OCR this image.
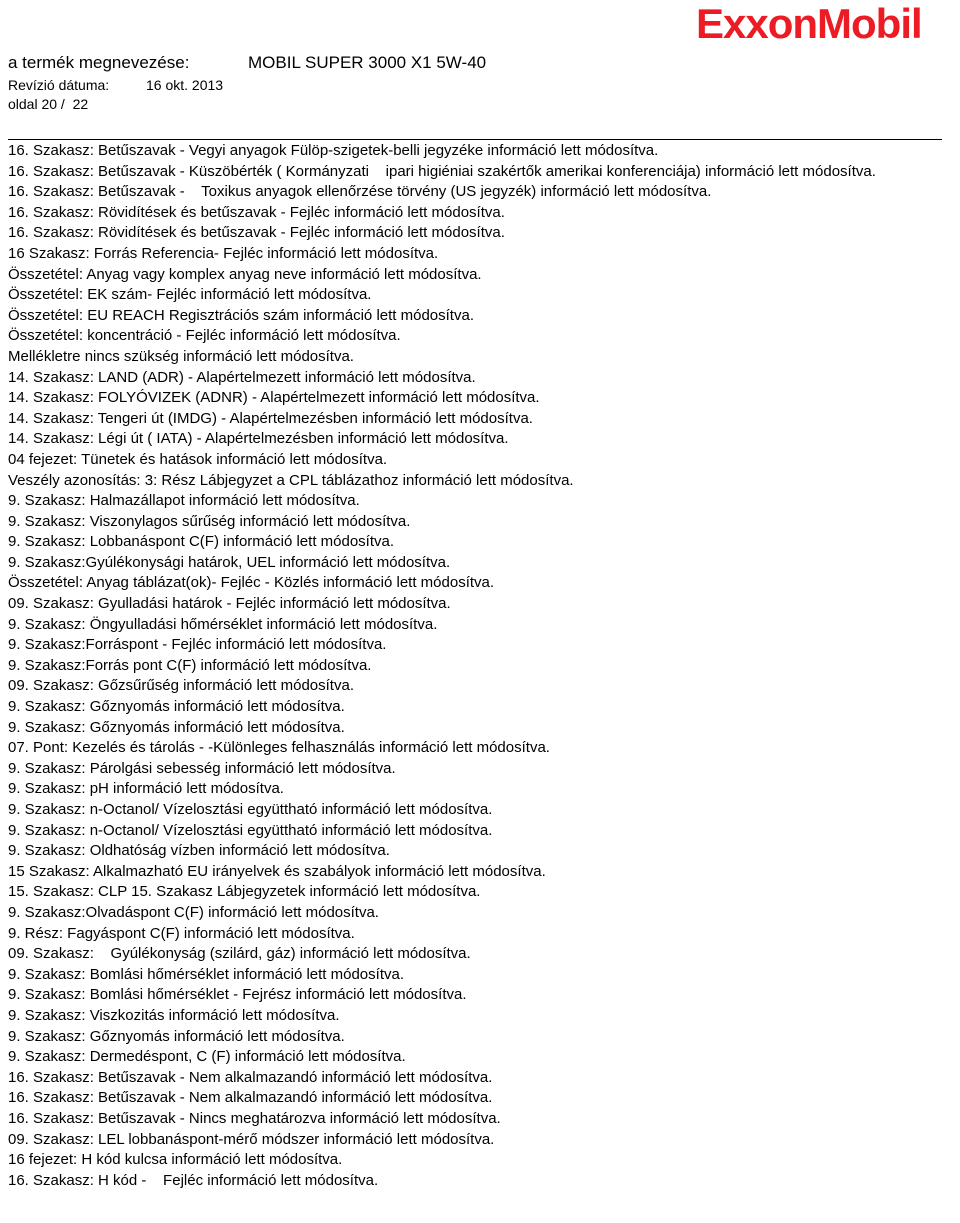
ExxonMobil
a termék megnevezése:	MOBIL SUPER 3000 X1 5W-40
Revízió dátuma:	16 okt. 2013
oldal 20 /
22

16. Szakasz: Betűszavak - Vegyi anyagok Fülöp-szigetek-belli jegyzéke információ lett módosítva.

16. Szakasz: Betűszavak - Küszöbérték ( Kormányzati    ipari higiéniai szakértők amerikai konferenciája) információ lett módosítva.

16. Szakasz: Betűszavak -    Toxikus anyagok ellenőrzése törvény (US jegyzék) információ lett módosítva.

16. Szakasz: Rövidítések és betűszavak - Fejléc információ lett módosítva.

16. Szakasz: Rövidítések és betűszavak - Fejléc információ lett módosítva.

16 Szakasz: Forrás Referencia- Fejléc információ lett módosítva.

Összetétel: Anyag vagy komplex anyag neve információ lett módosítva.

Összetétel: EK szám- Fejléc információ lett módosítva.

Összetétel: EU REACH Regisztrációs szám információ lett módosítva.

Összetétel: koncentráció - Fejléc információ lett módosítva.

Mellékletre nincs szükség információ lett módosítva.

14. Szakasz: LAND (ADR) - Alapértelmezett információ lett módosítva.

14. Szakasz: FOLYÓVIZEK (ADNR) - Alapértelmezett információ lett módosítva.

14. Szakasz: Tengeri út (IMDG) - Alapértelmezésben információ lett módosítva.

14. Szakasz: Légi út ( IATA) - Alapértelmezésben információ lett módosítva.

04 fejezet: Tünetek és hatások információ lett módosítva.

Veszély azonosítás: 3: Rész Lábjegyzet a CPL táblázathoz információ lett módosítva.

9. Szakasz: Halmazállapot információ lett módosítva.

9. Szakasz: Viszonylagos sűrűség információ lett módosítva.

9. Szakasz: Lobbanáspont C(F) információ lett módosítva.

9. Szakasz:Gyúlékonysági határok, UEL információ lett módosítva.

Összetétel: Anyag táblázat(ok)- Fejléc - Közlés információ lett módosítva.

09. Szakasz: Gyulladási határok - Fejléc információ lett módosítva.

9. Szakasz: Öngyulladási hőmérséklet információ lett módosítva.

9. Szakasz:Forráspont - Fejléc információ lett módosítva.

9. Szakasz:Forrás pont C(F) információ lett módosítva.

09. Szakasz: Gőzsűrűség információ lett módosítva.

9. Szakasz: Gőznyomás információ lett módosítva.

9. Szakasz: Gőznyomás információ lett módosítva.

07. Pont: Kezelés és tárolás - -Különleges felhasználás információ lett módosítva.

9. Szakasz: Párolgási sebesség információ lett módosítva.

9. Szakasz: pH információ lett módosítva.

9. Szakasz: n-Octanol/ Vízelosztási együttható információ lett módosítva.

9. Szakasz: n-Octanol/ Vízelosztási együttható információ lett módosítva.

9. Szakasz: Oldhatóság vízben információ lett módosítva.

15 Szakasz: Alkalmazható EU irányelvek és szabályok információ lett módosítva.

15. Szakasz: CLP 15. Szakasz Lábjegyzetek információ lett módosítva.

9. Szakasz:Olvadáspont C(F) információ lett módosítva.

9. Rész: Fagyáspont C(F) információ lett módosítva.

09. Szakasz:    Gyúlékonyság (szilárd, gáz) információ lett módosítva.

9. Szakasz: Bomlási hőmérséklet információ lett módosítva.

9. Szakasz: Bomlási hőmérséklet - Fejrész információ lett módosítva.

9. Szakasz: Viszkozitás információ lett módosítva.

9. Szakasz: Gőznyomás információ lett módosítva.

9. Szakasz: Dermedéspont, C (F) információ lett módosítva.

16. Szakasz: Betűszavak - Nem alkalmazandó információ lett módosítva.

16. Szakasz: Betűszavak - Nem alkalmazandó információ lett módosítva.

16. Szakasz: Betűszavak - Nincs meghatározva információ lett módosítva.

09. Szakasz: LEL lobbanáspont-mérő módszer információ lett módosítva.

16 fejezet: H kód kulcsa információ lett módosítva.

16. Szakasz: H kód -    Fejléc információ lett módosítva.
